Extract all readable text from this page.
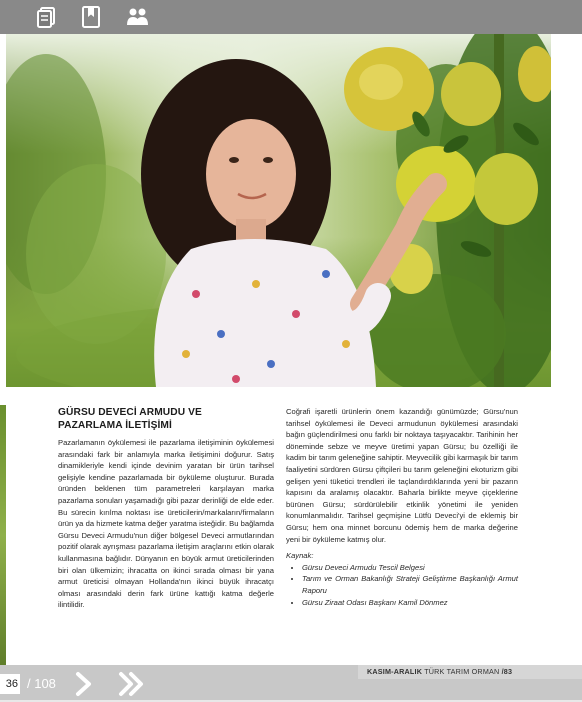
GÜRSU DEVECİ ARMUDU VE
PAZARLAMA İLETİŞİMİ
Pazarlamanın öykülemesi ile pazarlama iletişiminin öykülemesi arasındaki fark bir anlamıyla marka iletişimini doğurur. Satış dinamikleriyle kendi içinde devinim yaratan bir ürün tarihsel gelişiyle kendine pazarlamada bir öyküleme oluşturur. Burada üründen beklenen tüm parametreleri karşılayan marka pazarlama sonuları yaşamadığı gibi pazar derinliği de elde eder. Bu sürecin kırılma noktası ise üreticilerin/markaların/firmaların ürün ya da hizmete katma değer yaratma isteğidir. Bu bağlamda Gürsu Deveci Armudu'nun diğer bölgesel Deveci armutlarından pozitif olarak ayrışması pazarlama iletişim araçlarını etkin olarak kullanmasına bağlıdır. Dünyanın en büyük armut üreticilerinden biri olan ülkemizin; ihracatta on ikinci sırada olması bir yana armut üreticisi olmayan Hollanda'nın ikinci büyük ihracatçı olması arasındaki derin fark ürüne kattığı katma değerle ilintilidir.
Coğrafi işaretli ürünlerin önem kazandığı günümüzde; Gürsu'nun tarihsel öykülemesi ile Deveci armudunun öykülemesi arasındaki bağın güçlendirilmesi onu farklı bir noktaya taşıyacaktır. Tarihinin her döneminde sebze ve meyve üretimi yapan Gürsu; bu özelliği ile kadim bir tarım geleneğine sahiptir. Meyvecilik gibi karmaşık bir tarım faaliyetini sürdüren Gürsu çiftçileri bu tarım geleneğini ekoturizm gibi gelişen yeni tüketici trendleri ile taçlandırdıklarında yeni bir pazarın kapısını da aralamış olacaktır. Baharla birlikte meyve çiçeklerine bürünen Gürsu; sürdürülebilir etkinlik yönetimi ile yeniden konumlanmalıdır. Tarihsel geçmişine Lütfü Deveci'yi de eklemiş bir Gürsu; hem ona minnet borcunu ödemiş hem de marka değerine yeni bir öyküleme katmış olur.
Kaynak:
• Gürsu Deveci Armudu Tescil Belgesi
• Tarım ve Orman Bakanlığı Strateji Geliştirme Başkanlığı Armut Raporu
• Gürsu Ziraat Odası Başkanı Kamil Dönmez
KASIM-ARALIK TÜRK TARIM ORMAN /83
36 / 108
